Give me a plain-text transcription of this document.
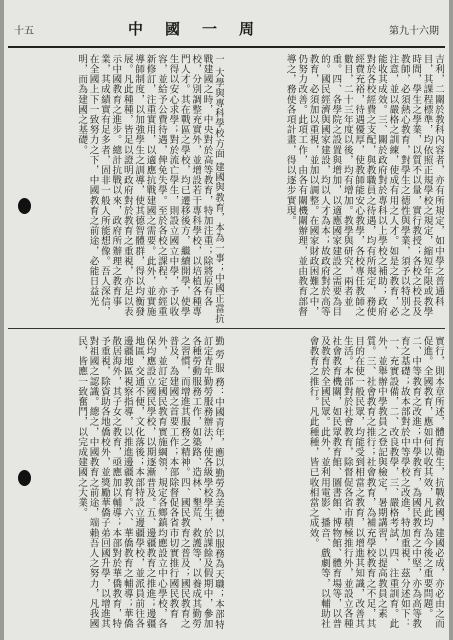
十五	中國一周	第九十六期
吉利，二關於教科內容者，亦有所規定，如中學之普通科目，其課程標準，均依照正規學校之規定，縮短年限或教學時間，學生之學業，以質不以量，實行教授；各校之校長及教師，必須熱心教育，對學生之德性與學業，須予以特別之注意，並以嚴格之訓練，使成有用之人才。如是之教育，必能收其成效。三、關於政府對於專科以上學校之補助；政府對於各校經費之支配，與教職員之待遇，均有所規定，務使經費充裕，待遇優厚，使教師能安心教學，各校專任教師之數目，二十三年度以後，均有增加。教學與研究，兩者並重。四、各學院之設置與增加，以適應國家建設之需要為目的。國民經濟與國家建設，均以人才為本；故政府對於高等教育，必須加以重視，並加以調整。在國家財政困難之中，仍努力改善。此項工作，由各有關機關辦理，並由教育部督導之，務使各項計畫，得以逐步實現。
一 大學與專科學校方面 建國與教育，本為一事；中國正當抗戰建國之時，中央對於高等教育，特加注重；除將原有各校，分別調整充實外，並增設若干專科學校，以培植各種專門人才。其在戰區之學校，均已遷移後方，繼續開學，使學生得以安心求學；對於流亡學生，則設立國立中學，予以收容，並給予公費待遇，俾免失學。至於各校之課程，亦經重新修訂，注重實用，以適應抗戰建國之需要。此外，並實施導師制度，以加強學生之訓導，使其德智體群，得以均衡發展。凡此種種，皆足以證明政府對於教育之重視，亦足以表示中國教育之進步。總計抗戰以來，政府所辦理之教育事業，其成績實有足多者，固非一般人所能想像。吾人深信，在全國上下一致努力之下，中國教育之前途，必能日益光明，而為建國之基礎。
實行，則本章所述，體育衛生，抗戰救國，建國必成，亦必由之而促進。全國教育，應如何以收其效，凡此均為今後之重要問題。二、中等教育之改進；中學教育，為國民教育之中堅，亦為高等教育之基礎；故本部對於中等學校之改進，特加重視，茲分述如下：一、充實設備，二、改良教學，三、嚴格考試，四、注重訓育。此外，並舉辦中學教員之登記與檢定，暑期講習，以提高教員之素質。三、社會教育之推行；社會教育，為補充學校教育之不足，其目的在使一般民眾，均能受到相當之教育，以增進其知識，改善其生活。本部對於社會教育，除督促各省市積極推行外，並設立各種社會教育機關，如民眾教育館、圖書館、博物館、體育場等，以普及教育於全國民眾。此外，並利用電影、播音、戲劇等，以輔助社會教育之推行。凡此種種，皆已收相當之成效。
勤 勞 服 務：中國青年，應以勤勞為美德，以服務為天職；本部特訂定青年勤勞服務辦法，使各級學校學生，於課餘及假期中，參加各種勞動服務工作，如築路、造林、墾荒、救護等，以養成其勤勞之習慣，而增進其服務之精神。四、國民教育之普及；國民教育之普及，為建國之首要工作；本部除督促各省市切實推行國民教育外，並訂定國民教育實施綱領，規定各鄉鎮均應設立中心學校，各保均應設立國民學校，以期逐漸普及。五、邊疆教育之推進；邊疆地區，交通不便，文化落後；本部特設立邊疆學校，並派員前往各邊疆地區視察指導，以推進邊疆教育。六、華僑教育之輔導；華僑散居海外，其子女之教育，亟應加以輔導；本部對於華僑教育，特予重視，除資助各地僑校外，並獎勵華僑子弟回國升學，以增進其對祖國之認識。總之，中國教育之前途，端賴吾人之努力，凡我國民，皆應一致奮鬥，以完成建國之大業。
